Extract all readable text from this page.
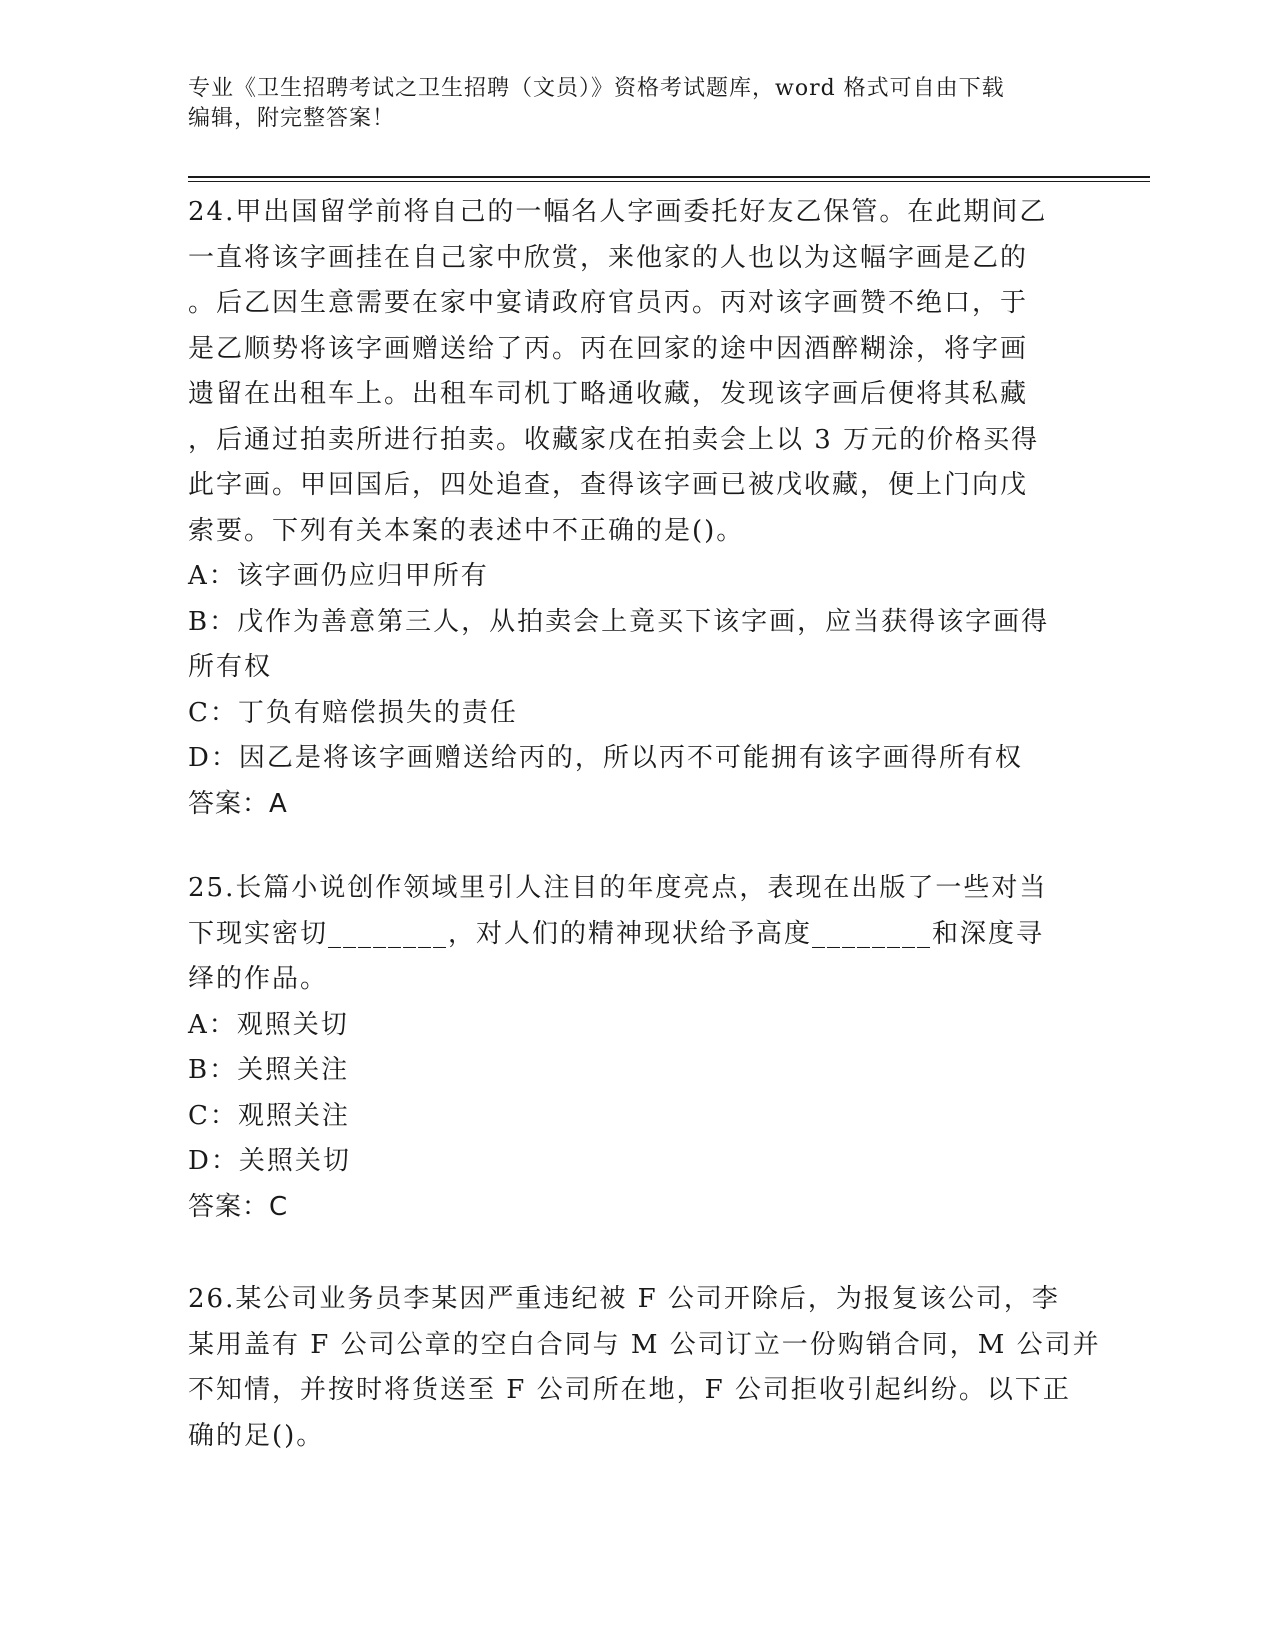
专业《卫生招聘考试之卫生招聘（文员）》资格考试题库，word 格式可自由下载
编辑，附完整答案！
24.甲出国留学前将自己的一幅名人字画委托好友乙保管。在此期间乙
一直将该字画挂在自己家中欣赏，来他家的人也以为这幅字画是乙的
。后乙因生意需要在家中宴请政府官员丙。丙对该字画赞不绝口，于
是乙顺势将该字画赠送给了丙。丙在回家的途中因酒醉糊涂，将字画
遗留在出租车上。出租车司机丁略通收藏，发现该字画后便将其私藏
，后通过拍卖所进行拍卖。收藏家戊在拍卖会上以 3 万元的价格买得
此字画。甲回国后，四处追查，查得该字画已被戊收藏，便上门向戊
索要。下列有关本案的表述中不正确的是()。
A：该字画仍应归甲所有
B：戊作为善意第三人，从拍卖会上竟买下该字画，应当获得该字画得
所有权
C：丁负有赔偿损失的责任
D：因乙是将该字画赠送给丙的，所以丙不可能拥有该字画得所有权
答案：A
25.长篇小说创作领域里引人注目的年度亮点，表现在出版了一些对当
下现实密切________，对人们的精神现状给予高度________和深度寻
绎的作品。
A：观照关切
B：关照关注
C：观照关注
D：关照关切
答案：C
26.某公司业务员李某因严重违纪被 F 公司开除后，为报复该公司，李
某用盖有 F 公司公章的空白合同与 M 公司订立一份购销合同，M 公司并
不知情，并按时将货送至 F 公司所在地，F 公司拒收引起纠纷。以下正
确的足()。
